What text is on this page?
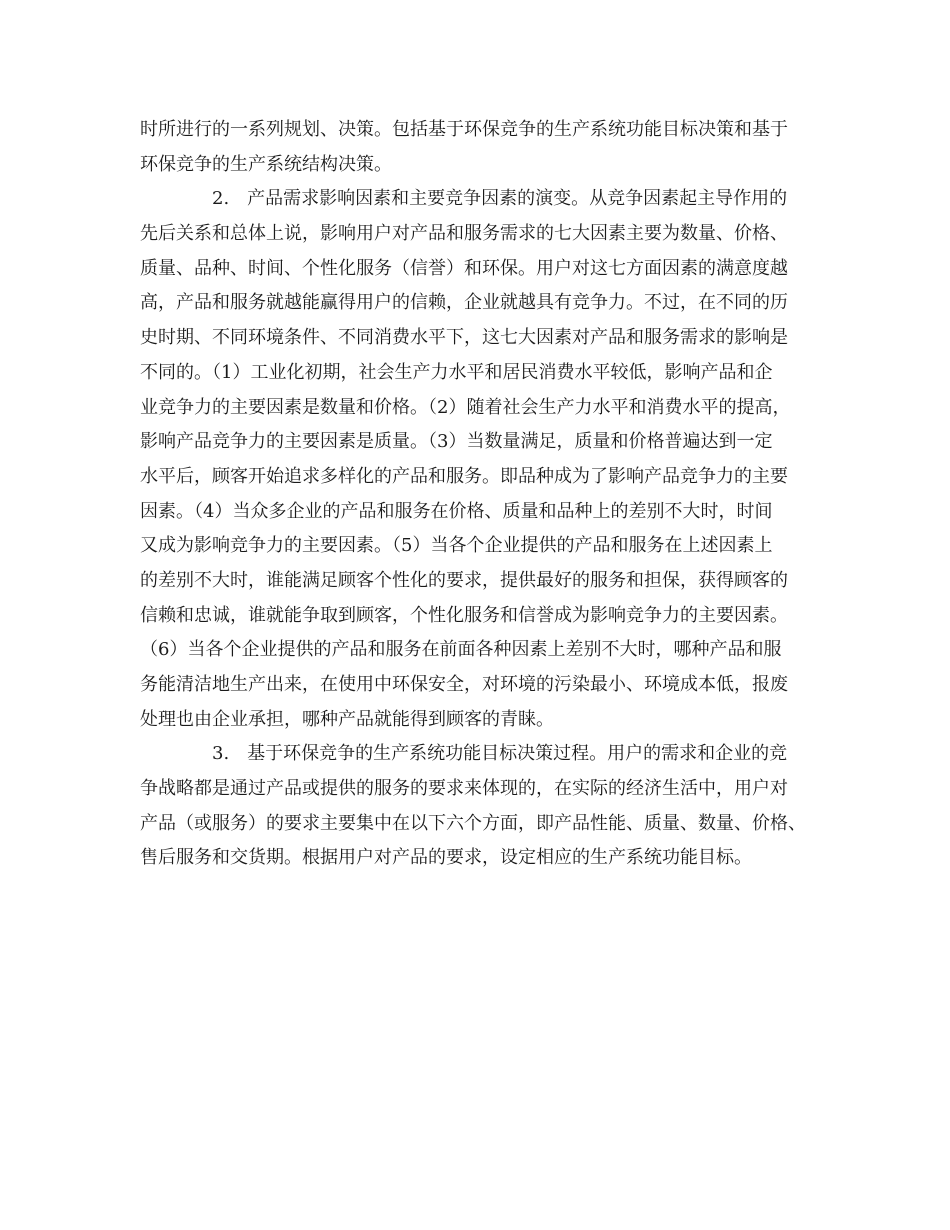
时所进行的一系列规划、决策。包括基于环保竞争的生产系统功能目标决策和基于
环保竞争的生产系统结构决策。
2.　产品需求影响因素和主要竞争因素的演变。从竞争因素起主导作用的
先后关系和总体上说，影响用户对产品和服务需求的七大因素主要为数量、价格、
质量、品种、时间、个性化服务（信誉）和环保。用户对这七方面因素的满意度越
高，产品和服务就越能赢得用户的信赖，企业就越具有竞争力。不过，在不同的历
史时期、不同环境条件、不同消费水平下，这七大因素对产品和服务需求的影响是
不同的。（1）工业化初期，社会生产力水平和居民消费水平较低，影响产品和企
业竞争力的主要因素是数量和价格。（2）随着社会生产力水平和消费水平的提高，
影响产品竞争力的主要因素是质量。（3）当数量满足，质量和价格普遍达到一定
水平后，顾客开始追求多样化的产品和服务。即品种成为了影响产品竞争力的主要
因素。（4）当众多企业的产品和服务在价格、质量和品种上的差别不大时，时间
又成为影响竞争力的主要因素。（5）当各个企业提供的产品和服务在上述因素上
的差别不大时，谁能满足顾客个性化的要求，提供最好的服务和担保，获得顾客的
信赖和忠诚，谁就能争取到顾客，个性化服务和信誉成为影响竞争力的主要因素。
（6）当各个企业提供的产品和服务在前面各种因素上差别不大时，哪种产品和服
务能清洁地生产出来，在使用中环保安全，对环境的污染最小、环境成本低，报废
处理也由企业承担，哪种产品就能得到顾客的青睐。
3.　基于环保竞争的生产系统功能目标决策过程。用户的需求和企业的竞
争战略都是通过产品或提供的服务的要求来体现的，在实际的经济生活中，用户对
产品（或服务）的要求主要集中在以下六个方面，即产品性能、质量、数量、价格、
售后服务和交货期。根据用户对产品的要求，设定相应的生产系统功能目标。
